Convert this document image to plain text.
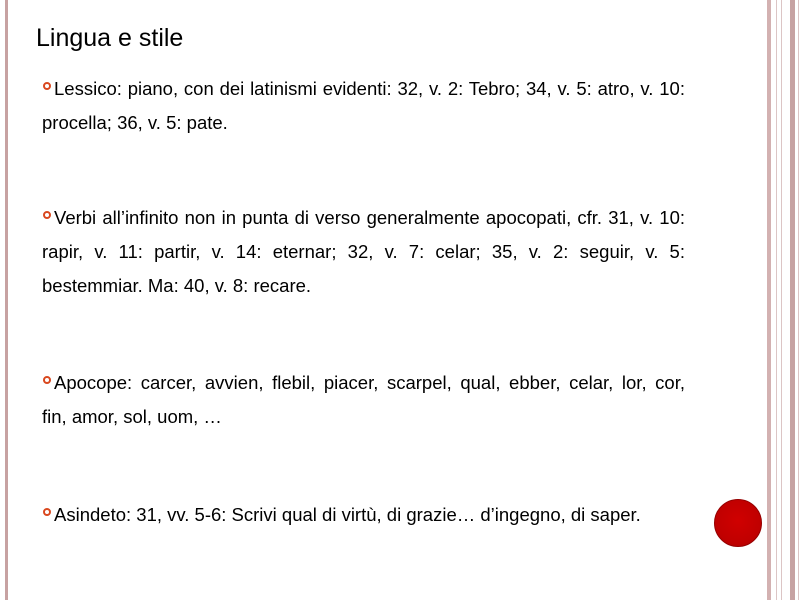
Lingua e stile
Lessico: piano, con dei latinismi evidenti: 32, v. 2: Tebro; 34, v. 5: atro, v. 10:
procella; 36, v. 5: pate.
Verbi all’infinito non in punta di verso generalmente apocopati, cfr. 31, v. 10:
rapir, v. 11: partir, v. 14: eternar; 32, v. 7: celar; 35, v. 2: seguir, v. 5:
bestemmiar. Ma: 40, v. 8: recare.
Apocope: carcer, avvien, flebil, piacer, scarpel, qual, ebber, celar, lor, cor,
fin, amor, sol, uom, …
Asindeto: 31, vv. 5-6: Scrivi qual di virtù, di grazie… d’ingegno, di saper.
